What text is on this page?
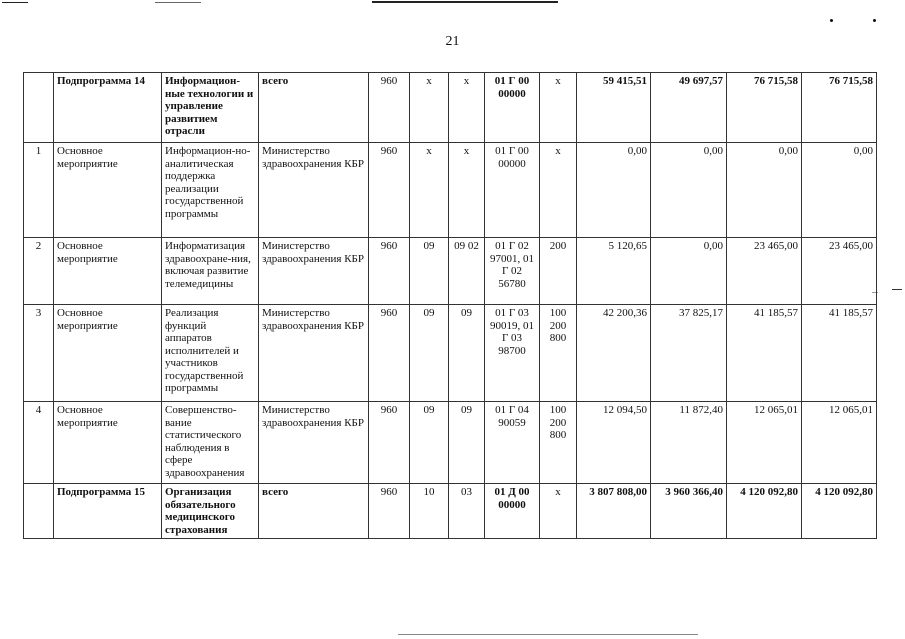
21
	Подпрограмма 14	Информацион-ные технологии и управление развитием отрасли	всего	960	x	x	01 Г 00 00000	x	59 415,51	49 697,57	76 715,58	76 715,58
1	Основное мероприятие	Информацион-но-аналитическая поддержка реализации государственной программы	Министерство здравоохранения КБР	960	x	x	01 Г 00 00000	x	0,00	0,00	0,00	0,00
2	Основное мероприятие	Информатизация здравоохране-ния, включая развитие телемедицины	Министерство здравоохранения КБР	960	09	09 02	01 Г 02 97001, 01 Г 02 56780	200	5 120,65	0,00	23 465,00	23 465,00
3	Основное мероприятие	Реализация функций аппаратов исполнителей и участников государственной программы	Министерство здравоохранения КБР	960	09	09	01 Г 03 90019, 01 Г 03 98700	100 200 800	42 200,36	37 825,17	41 185,57	41 185,57
4	Основное мероприятие	Совершенство-вание статистического наблюдения в сфере здравоохранения	Министерство здравоохранения КБР	960	09	09	01 Г 04 90059	100 200 800	12 094,50	11 872,40	12 065,01	12 065,01
	Подпрограмма 15	Организация обязательного медицинского страхования	всего	960	10	03	01 Д 00 00000	x	3 807 808,00	3 960 366,40	4 120 092,80	4 120 092,80
